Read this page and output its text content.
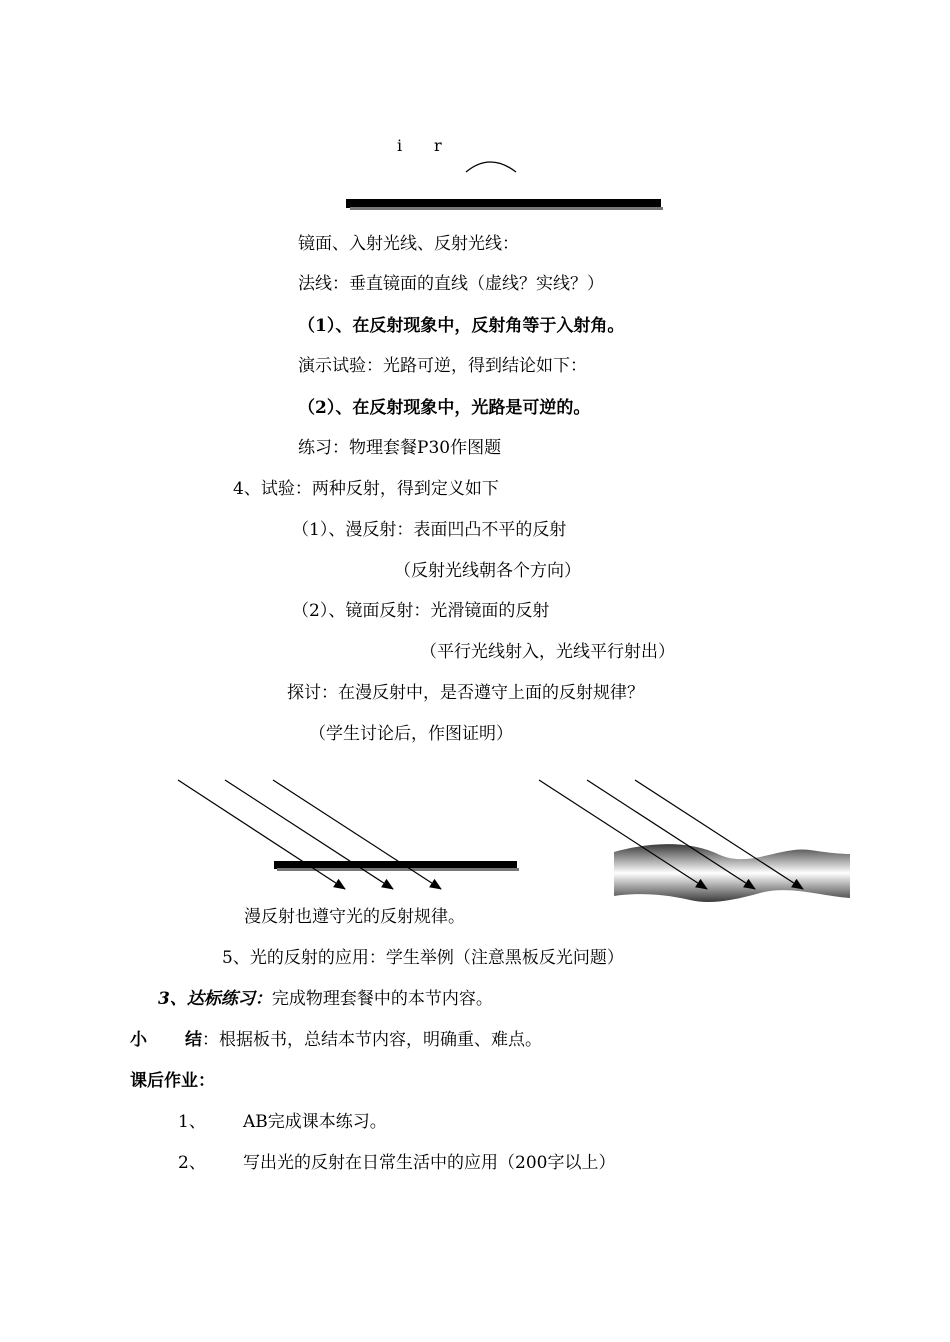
i r
镜面、入射光线、反射光线：
法线：垂直镜面的直线（虚线？实线？）
（1）、在反射现象中，反射角等于入射角。
演示试验：光路可逆，得到结论如下：
（2）、在反射现象中，光路是可逆的。
练习：物理套餐P30作图题
4、试验：两种反射，得到定义如下
（1）、漫反射：表面凹凸不平的反射
（反射光线朝各个方向）
（2）、镜面反射：光滑镜面的反射
（平行光线射入，光线平行射出）
探讨：在漫反射中，是否遵守上面的反射规律？
（学生讨论后，作图证明）
漫反射也遵守光的反射规律。
5、光的反射的应用：学生举例（注意黑板反光问题）
3、达标练习：完成物理套餐中的本节内容。
小 结：根据板书，总结本节内容，明确重、难点。
课后作业：
1、 AB完成课本练习。
2、 写出光的反射在日常生活中的应用（200字以上）
